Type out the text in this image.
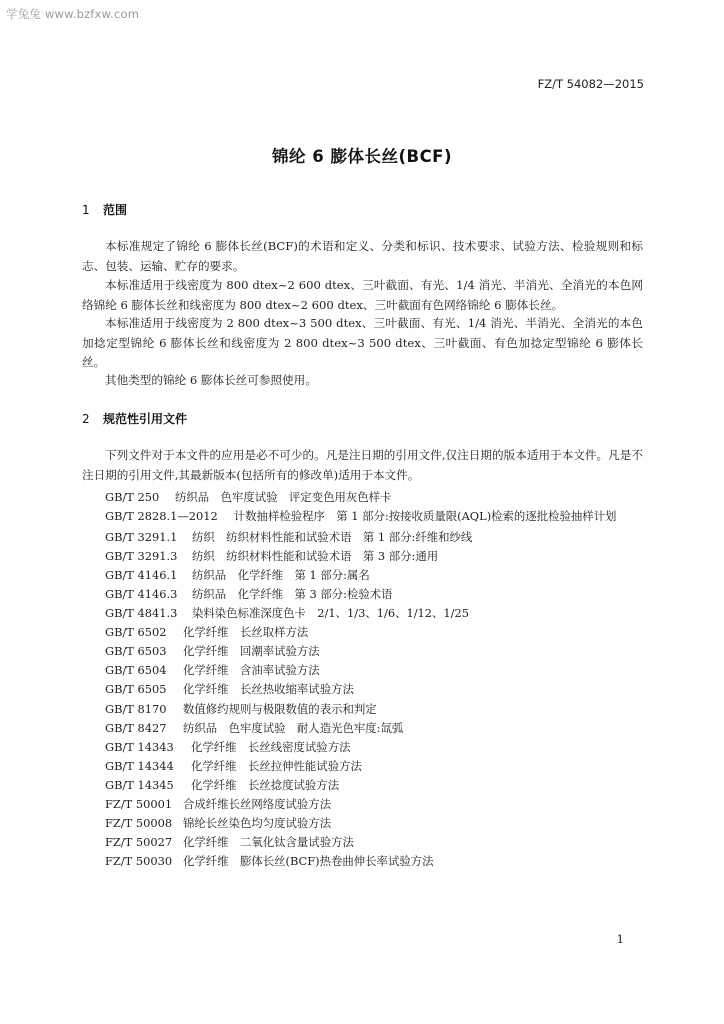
学兔兔 www.bzfxw.com
FZ/T 54082—2015
锦纶 6 膨体长丝(BCF)
1 范围

本标准规定了锦纶 6 膨体长丝(BCF)的术语和定义、分类和标识、技术要求、试验方法、检验规则和标志、包装、运输、贮存的要求。

本标准适用于线密度为 800 dtex~2 600 dtex、三叶截面、有光、1/4 消光、半消光、全消光的本色网络锦纶 6 膨体长丝和线密度为 800 dtex~2 600 dtex、三叶截面有色网络锦纶 6 膨体长丝。

本标准适用于线密度为 2 800 dtex~3 500 dtex、三叶截面、有光、1/4 消光、半消光、全消光的本色加捻定型锦纶 6 膨体长丝和线密度为 2 800 dtex~3 500 dtex、三叶截面、有色加捻定型锦纶 6 膨体长丝。

其他类型的锦纶 6 膨体长丝可参照使用。

2 规范性引用文件

下列文件对于本文件的应用是必不可少的。凡是注日期的引用文件,仅注日期的版本适用于本文件。凡是不注日期的引用文件,其最新版本(包括所有的修改单)适用于本文件。

GB/T 250 纺织品　色牢度试验　评定变色用灰色样卡

GB/T 2828.1—2012 计数抽样检验程序　第 1 部分:按接收质量限(AQL)检索的逐批检验抽样计划

GB/T 3291.1 纺织　纺织材料性能和试验术语　第 1 部分:纤维和纱线
GB/T 3291.3 纺织　纺织材料性能和试验术语　第 3 部分:通用
GB/T 4146.1 纺织品　化学纤维　第 1 部分:属名
GB/T 4146.3 纺织品　化学纤维　第 3 部分:检验术语
GB/T 4841.3 染料染色标准深度色卡　2/1、1/3、1/6、1/12、1/25
GB/T 6502 化学纤维　长丝取样方法
GB/T 6503 化学纤维　回潮率试验方法
GB/T 6504 化学纤维　含油率试验方法
GB/T 6505 化学纤维　长丝热收缩率试验方法
GB/T 8170 数值修约规则与极限数值的表示和判定
GB/T 8427 纺织品　色牢度试验　耐人造光色牢度:氙弧
GB/T 14343 化学纤维　长丝线密度试验方法
GB/T 14344 化学纤维　长丝拉伸性能试验方法
GB/T 14345 化学纤维　长丝捻度试验方法
FZ/T 50001 合成纤维长丝网络度试验方法
FZ/T 50008 锦纶长丝染色均匀度试验方法
FZ/T 50027 化学纤维　二氧化钛含量试验方法
FZ/T 50030 化学纤维　膨体长丝(BCF)热卷曲伸长率试验方法
1
